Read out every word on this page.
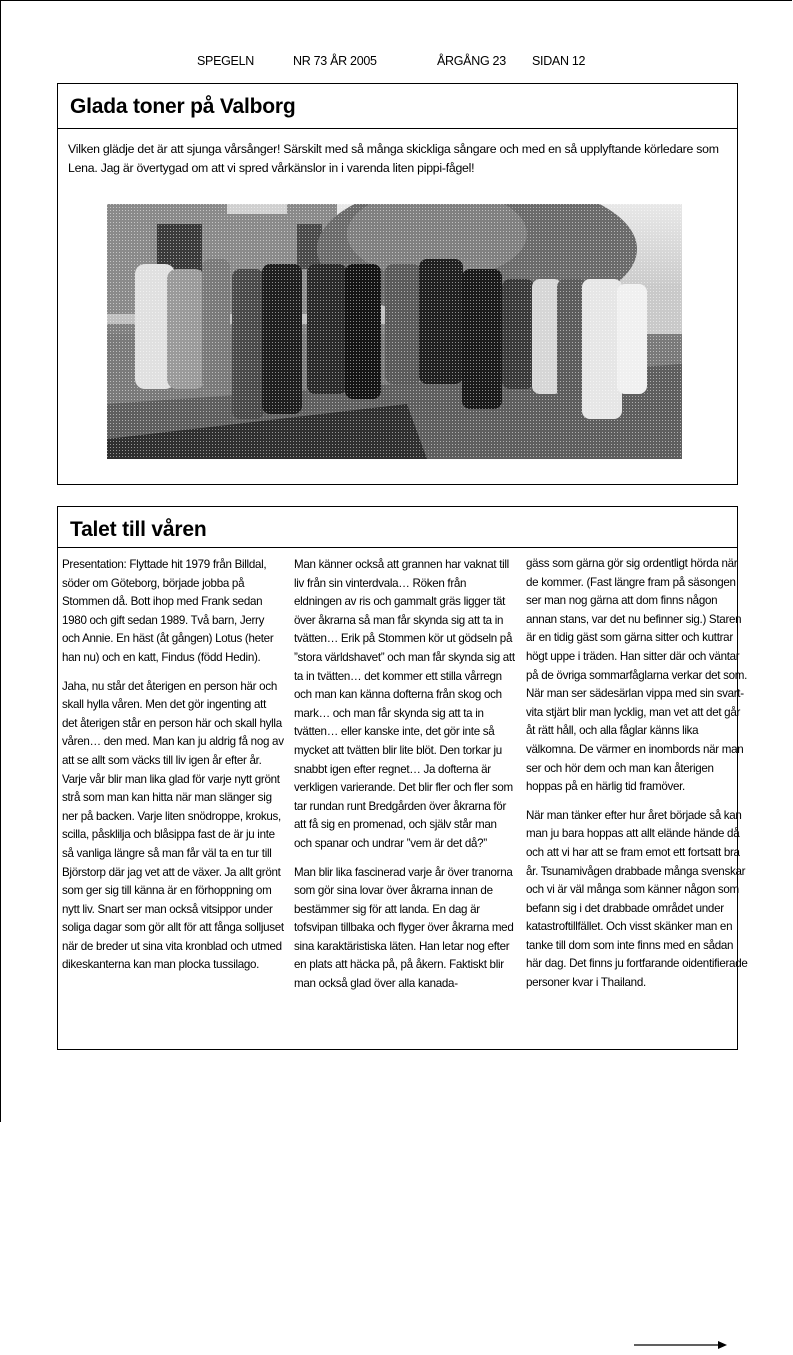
SPEGELN	NR 73 ÅR 2005	ÅRGÅNG 23 SIDAN 12
Glada toner på Valborg
Vilken glädje det är att sjunga vårsånger! Särskilt med så många skickliga sångare och med en så upplyftande körledare som Lena. Jag är övertygad om att vi spred vårkänslor in i varenda liten pippi-fågel!
Talet till våren

Presentation: Flyttade hit 1979 från Billdal, söder om Göteborg, började jobba på Stommen då. Bott ihop med Frank sedan 1980 och gift sedan 1989. Två barn, Jerry och Annie. En häst (åt gången) Lotus (heter han nu) och en katt, Findus (född Hedin).

Jaha, nu står det återigen en person här och skall hylla våren. Men det gör ingenting att det återigen står en person här och skall hylla våren… den med. Man kan ju aldrig få nog av att se allt som väcks till liv igen år efter år. Varje vår blir man lika glad för varje nytt grönt strå som man kan hitta när man slänger sig ner på backen. Varje liten snödroppe, krokus, scilla, påsklilja och blåsippa fast de är ju inte så vanliga längre så man får väl ta en tur till Björstorp där jag vet att de växer. Ja allt grönt som ger sig till känna är en förhoppning om nytt liv. Snart ser man också vitsippor under soliga dagar som gör allt för att fånga solljuset när de breder ut sina vita kronblad och utmed dikeskanterna kan man plocka tussilago.

Man känner också att grannen har vaknat till liv från sin vinterdvala… Röken från eldningen av ris och gammalt gräs ligger tät över åkrarna så man får skynda sig att ta in tvätten… Erik på Stommen kör ut gödseln på ”stora världshavet” och man får skynda sig att ta in tvätten… det kommer ett stilla vårregn och man kan känna dofterna från skog och mark… och man får skynda sig att ta in tvätten… eller kanske inte, det gör inte så mycket att tvätten blir lite blöt. Den torkar ju snabbt igen efter regnet… Ja dofterna är verkligen varierande. Det blir fler och fler som tar rundan runt Bredgården över åkrarna för att få sig en promenad, och själv står man och spanar och undrar ”vem är det då?”

Man blir lika fascinerad varje år över tranorna som gör sina lovar över åkrarna innan de bestämmer sig för att landa. En dag är tofsvipan tillbaka och flyger över åkrarna med sina karaktäristiska läten. Han letar nog efter en plats att häcka på, på åkern. Faktiskt blir man också glad över alla kanada-

gäss som gärna gör sig ordentligt hörda när de kommer. (Fast längre fram på säsongen ser man nog gärna att dom finns någon annan stans, var det nu befinner sig.) Staren är en tidig gäst som gärna sitter och kuttrar högt uppe i träden. Han sitter där och väntar på de övriga sommarfåglarna verkar det som. När man ser sädesärlan vippa med sin svart-vita stjärt blir man lycklig, man vet att det går åt rätt håll, och alla fåglar känns lika välkomna. De värmer en inombords när man ser och hör dem och man kan återigen hoppas på en härlig tid framöver.

När man tänker efter hur året började så kan man ju bara hoppas att allt elände hände då och att vi har att se fram emot ett fortsatt bra år. Tsunamivågen drabbade många svenskar och vi är väl många som känner någon som befann sig i det drabbade området under katastroftillfället. Och visst skänker man en tanke till dom som inte finns med en sådan här dag. Det finns ju fortfarande oidentifierade personer kvar i Thailand.
